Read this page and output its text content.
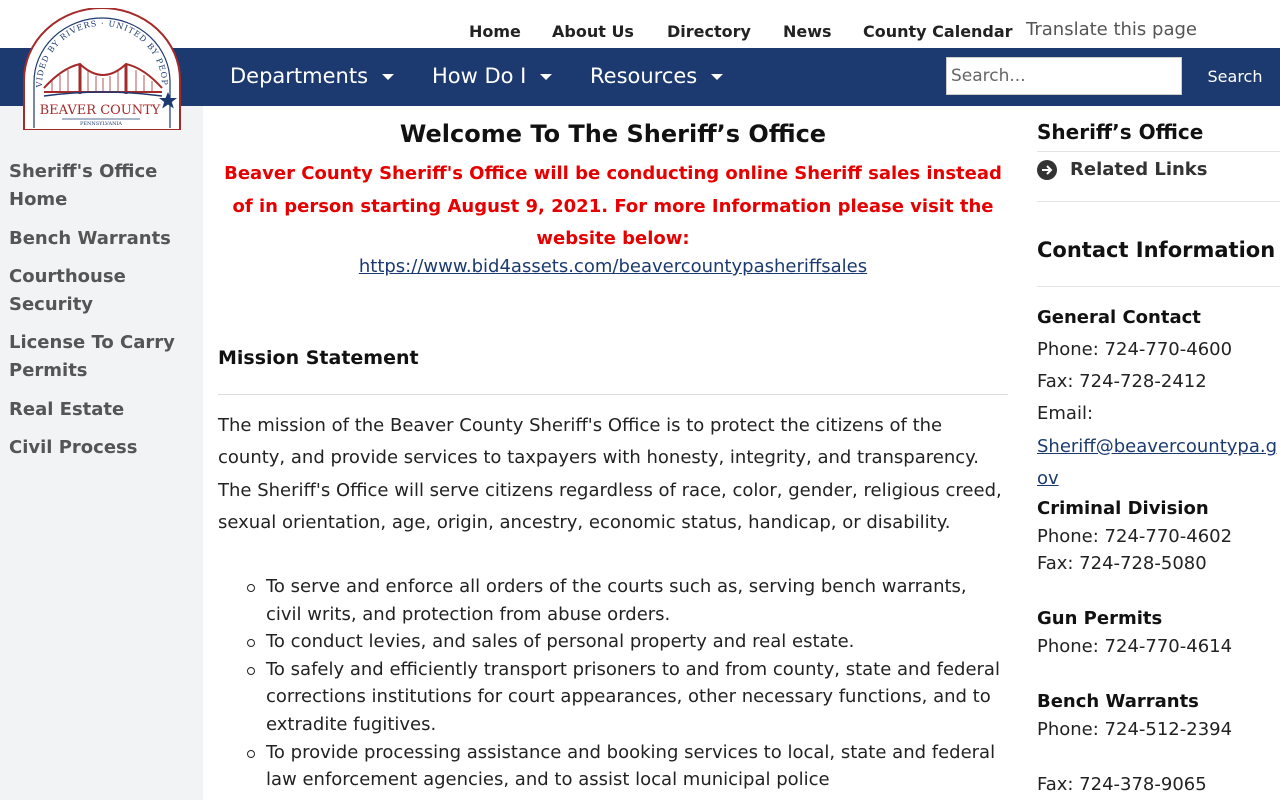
Home About Us Directory News County Calendar Translate this page
Departments	How Do I	Resources
Search...	Search
VIDED BY RIVERS · UNITED BY PEOP
BEAVER COUNTY
PENNSYLVANIA
Sheriff's Office Home
Bench Warrants
Courthouse Security
License To Carry Permits
Real Estate
Civil Process
Welcome To The Sheriff’s Office

Beaver County Sheriff's Office will be conducting online Sheriff sales instead of in person starting August 9, 2021. For more Information please visit the website below:

https://www.bid4assets.com/beavercountypasheriffsales
Mission Statement

The mission of the Beaver County Sheriff's Office is to protect the citizens of the county, and provide services to taxpayers with honesty, integrity, and transparency. The Sheriff's Office will serve citizens regardless of race, color, gender, religious creed, sexual orientation, age, origin, ancestry, economic status, handicap, or disability.

To serve and enforce all orders of the courts such as, serving bench warrants, civil writs, and protection from abuse orders.
To conduct levies, and sales of personal property and real estate.
To safely and efficiently transport prisoners to and from county, state and federal corrections institutions for court appearances, other necessary functions, and to extradite fugitives.
To provide processing assistance and booking services to local, state and federal law enforcement agencies, and to assist local municipal police
Sheriff’s Office
Related Links
Contact Information
General Contact
Phone: 724-770-4600
Fax: 724-728-2412
Email:
Sheriff@beavercountypa.gov
Criminal Division
Phone: 724-770-4602
Fax: 724-728-5080
Gun Permits
Phone: 724-770-4614
Bench Warrants
Phone: 724-512-2394
Fax: 724-378-9065
